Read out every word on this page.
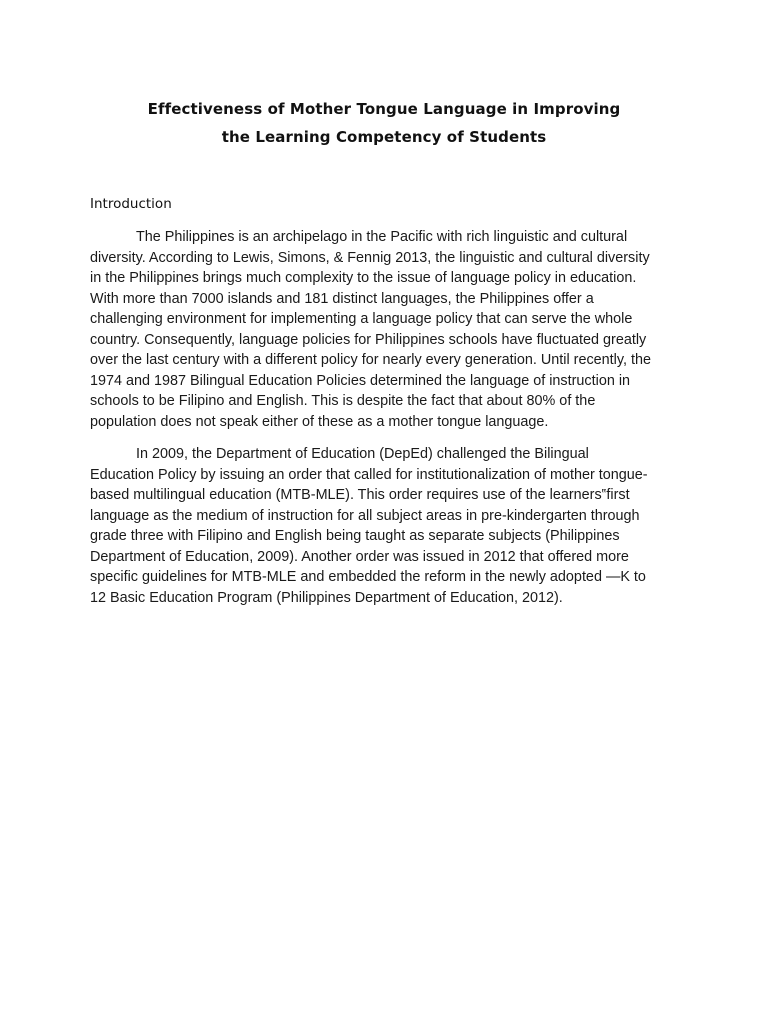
Effectiveness of Mother Tongue Language in Improving
the Learning Competency of Students
Introduction
The Philippines is an archipelago in the Pacific with rich linguistic and cultural
diversity. According to Lewis, Simons, & Fennig 2013, the linguistic and cultural diversity
in the Philippines brings much complexity to the issue of language policy in education.
With more than 7000 islands and 181 distinct languages, the Philippines offer a
challenging environment for implementing a language policy that can serve the whole
country. Consequently, language policies for Philippines schools have fluctuated greatly
over the last century with a different policy for nearly every generation. Until recently, the
1974 and 1987 Bilingual Education Policies determined the language of instruction in
schools to be Filipino and English. This is despite the fact that about 80% of the
population does not speak either of these as a mother tongue language.
In 2009, the Department of Education (DepEd) challenged the Bilingual
Education Policy by issuing an order that called for institutionalization of mother tongue-
based multilingual education (MTB-MLE). This order requires use of the learners‟first
language as the medium of instruction for all subject areas in pre-kindergarten through
grade three with Filipino and English being taught as separate subjects (Philippines
Department of Education, 2009). Another order was issued in 2012 that offered more
specific guidelines for MTB-MLE and embedded the reform in the newly adopted ―K to
12 Basic Education Program (Philippines Department of Education, 2012).
